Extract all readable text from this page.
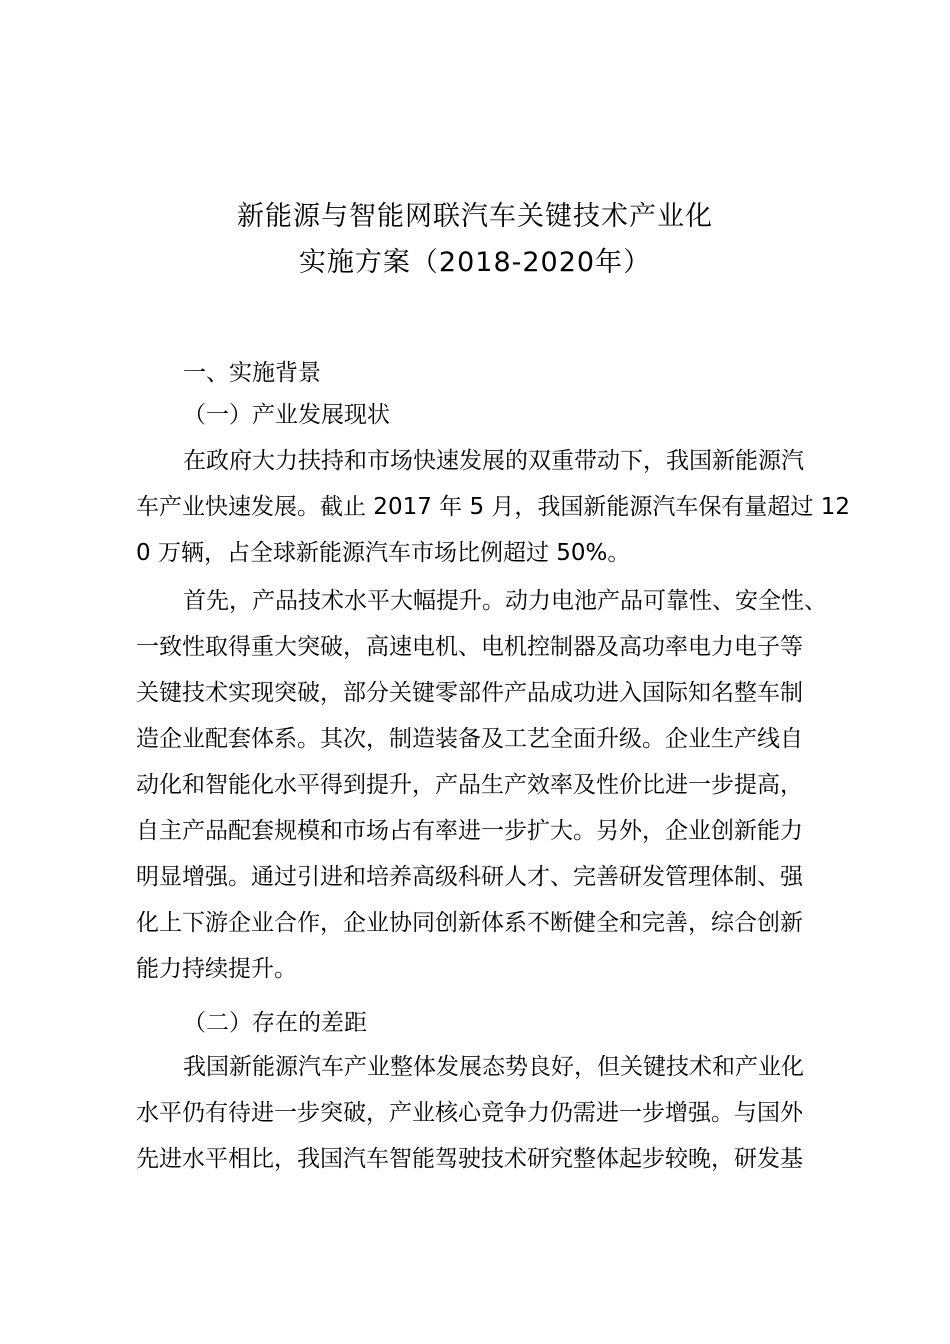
新能源与智能网联汽车关键技术产业化
实施方案（2018-2020年）
一、实施背景
（一）产业发展现状
在政府大力扶持和市场快速发展的双重带动下，我国新能源汽
车产业快速发展。截止 2017 年 5 月，我国新能源汽车保有量超过 12
0 万辆，占全球新能源汽车市场比例超过 50%。
首先，产品技术水平大幅提升。动力电池产品可靠性、安全性、
一致性取得重大突破，高速电机、电机控制器及高功率电力电子等
关键技术实现突破，部分关键零部件产品成功进入国际知名整车制
造企业配套体系。其次，制造装备及工艺全面升级。企业生产线自
动化和智能化水平得到提升，产品生产效率及性价比进一步提高，
自主产品配套规模和市场占有率进一步扩大。另外，企业创新能力
明显增强。通过引进和培养高级科研人才、完善研发管理体制、强
化上下游企业合作，企业协同创新体系不断健全和完善，综合创新
能力持续提升。
（二）存在的差距
我国新能源汽车产业整体发展态势良好，但关键技术和产业化
水平仍有待进一步突破，产业核心竞争力仍需进一步增强。与国外
先进水平相比，我国汽车智能驾驶技术研究整体起步较晚，研发基
